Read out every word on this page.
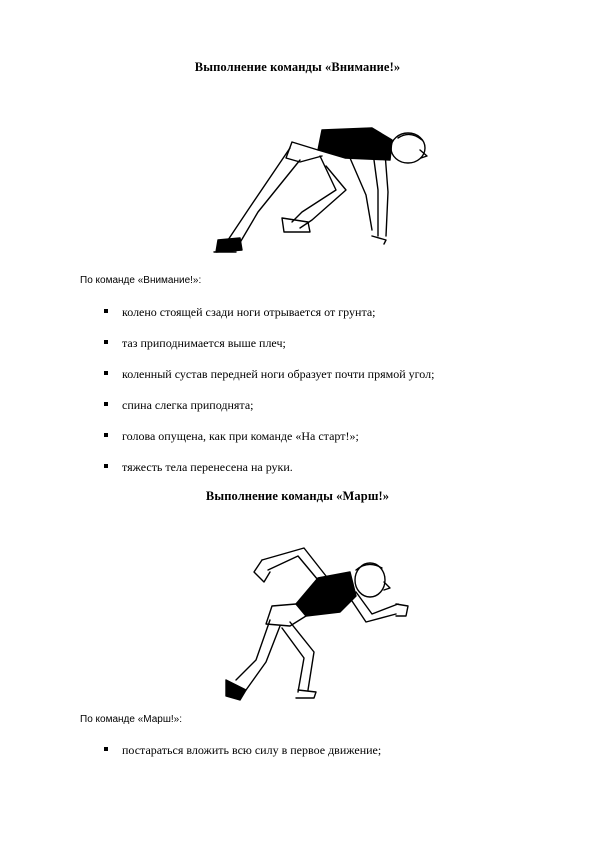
Выполнение команды «Внимание!»
По команде «Внимание!»:
колено стоящей сзади ноги отрывается от грунта;
таз приподнимается выше плеч;
коленный сустав передней ноги образует почти прямой угол;
спина слегка приподнята;
голова опущена, как при команде «На старт!»;
тяжесть тела перенесена на руки.
Выполнение команды «Марш!»
По команде «Марш!»:
постараться вложить всю силу в первое движение;
